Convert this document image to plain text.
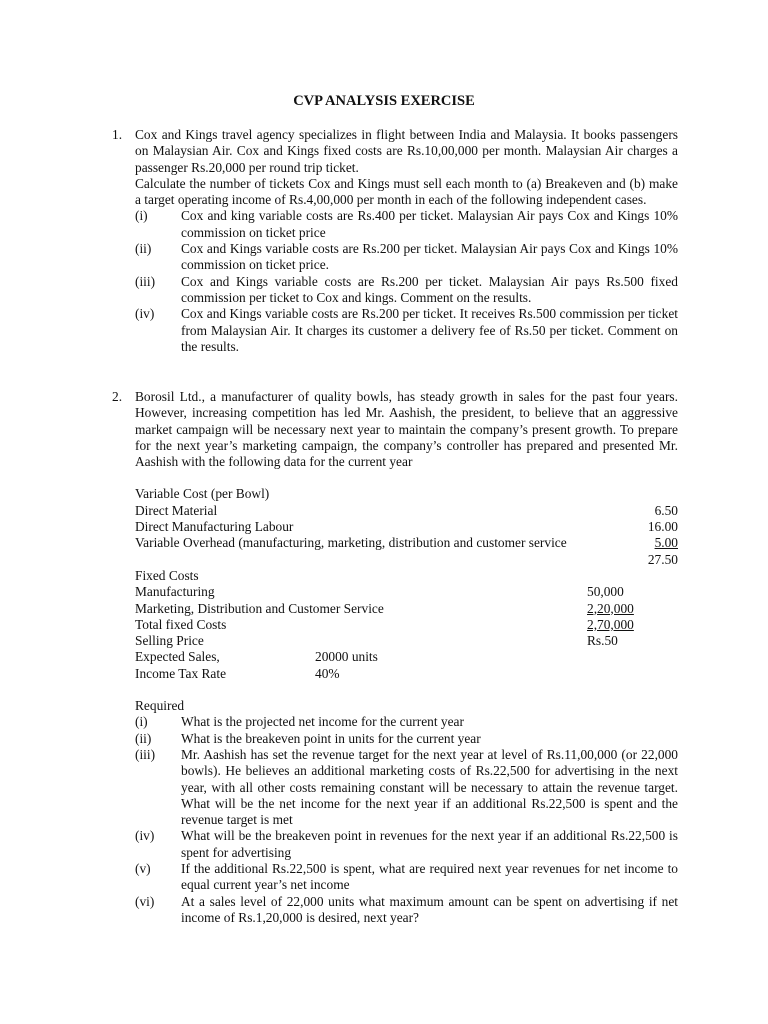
CVP ANALYSIS EXERCISE
1. Cox and Kings travel agency specializes in flight between India and Malaysia. It books passengers on Malaysian Air. Cox and Kings fixed costs are Rs.10,00,000 per month. Malaysian Air charges a passenger Rs.20,000 per round trip ticket.

Calculate the number of tickets Cox and Kings must sell each month to (a) Breakeven and (b) make a target operating income of Rs.4,00,000 per month in each of the following independent cases.

(i) Cox and king variable costs are Rs.400 per ticket. Malaysian Air pays Cox and Kings 10% commission on ticket price
(ii) Cox and Kings variable costs are Rs.200 per ticket. Malaysian Air pays Cox and Kings 10% commission on ticket price.
(iii) Cox and Kings variable costs are Rs.200 per ticket. Malaysian Air pays Rs.500 fixed commission per ticket to Cox and kings. Comment on the results.
(iv) Cox and Kings variable costs are Rs.200 per ticket. It receives Rs.500 commission per ticket from Malaysian Air. It charges its customer a delivery fee of Rs.50 per ticket. Comment on the results.
2. Borosil Ltd., a manufacturer of quality bowls, has steady growth in sales for the past four years. However, increasing competition has led Mr. Aashish, the president, to believe that an aggressive market campaign will be necessary next year to maintain the company’s present growth. To prepare for the next year’s marketing campaign, the company’s controller has prepared and presented Mr. Aashish with the following data for the current year

Variable Cost (per Bowl)
Direct Material	6.50
Direct Manufacturing Labour	16.00
Variable Overhead (manufacturing, marketing, distribution and customer service	5.00
27.50
Fixed Costs
Manufacturing	50,000
Marketing, Distribution and Customer Service	2,20,000
Total fixed Costs	2,70,000
Selling Price	Rs.50
Expected Sales,	20000 units
Income Tax Rate	40%

Required

(i) What is the projected net income for the current year
(ii) What is the breakeven point in units for the current year
(iii) Mr. Aashish has set the revenue target for the next year at level of Rs.11,00,000 (or 22,000 bowls). He believes an additional marketing costs of Rs.22,500 for advertising in the next year, with all other costs remaining constant will be necessary to attain the revenue target. What will be the net income for the next year if an additional Rs.22,500 is spent and the revenue target is met
(iv) What will be the breakeven point in revenues for the next year if an additional Rs.22,500 is spent for advertising
(v) If the additional Rs.22,500 is spent, what are required next year revenues for net income to equal current year’s net income
(vi) At a sales level of 22,000 units what maximum amount can be spent on advertising if net income of Rs.1,20,000 is desired, next year?
